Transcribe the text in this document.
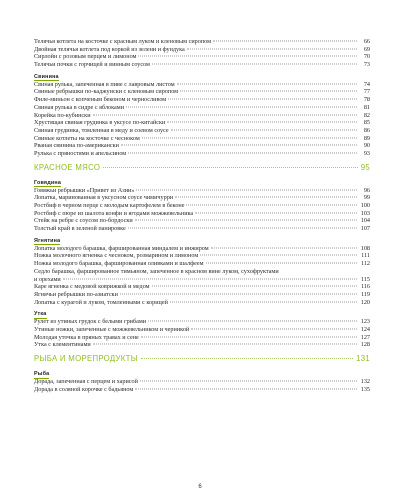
Телячья котлета на косточке с красным луком и кленовым сиропом	66
Двойная телячья котлета под коркой из зелени и фундука	69
Сирлойн с розовым перцем и лимоном	70
Телячьи почки с горчицей и винным соусом	73
Свинина
Свиная рулька, запеченная в пиве с лавровым листом	74
Свиные ребрышки по-каджунски с кленовым сиропом	77
Филе-миньон с копченым беконом и черносливом	78
Свиная рулька в сидре с яблоками	81
Корейка по-кубински	82
Хрустящая свиная грудинка в уксусе по-китайски	85
Свиная грудинка, томленная в меду и соевом соусе	86
Свиные котлеты на косточке с чесноком	89
Рваная свинина по-американски	90
Рулька с пряностями и апельсином	93
КРАСНОЕ МЯСО	95
Говядина
Говяжьи ребрышки «Привет из Азии»	96
Лопатка, маринованная в уксусном соусе чимичурри	99
Ростбиф в черном перце с молодым картофелем в беконе	100
Ростбиф с пюре из шалота конфи и ягодами можжевельника	103
Стейк на ребре с соусом по-бордоски	104
Толстый край в зеленой панировке	107
Ягнятина
Лопатка молодого барашка, фаршированная миндалем и инжиром	108
Ножка молочного ягненка с чесноком, розмарином и лимоном	111
Ножка молодого барашка, фаршированная оливками и шалфеем	112
Седло барашка, фаршированное тимьяном, запеченное в красном вине луком, сухофруктами
и орехами	115
Каре ягненка с медовой коврижкой и медом	116
Ягнячьи ребрышки по-азиатски	119
Лопатка с курагой и луком, томленными с корицей	120
Утка
Рулет из утиных грудок с белыми грибами	123
Утиные ножки, запеченные с можжевельником и черникой	124
Молодая уточка в пряных травах и сене	127
Утка с клементинами	128
РЫБА И МОРЕПРОДУКТЫ	131
Рыба
Дорада, запеченная с перцем и харисой	132
Дорада в соляной корочке с бадьяном	135
6
